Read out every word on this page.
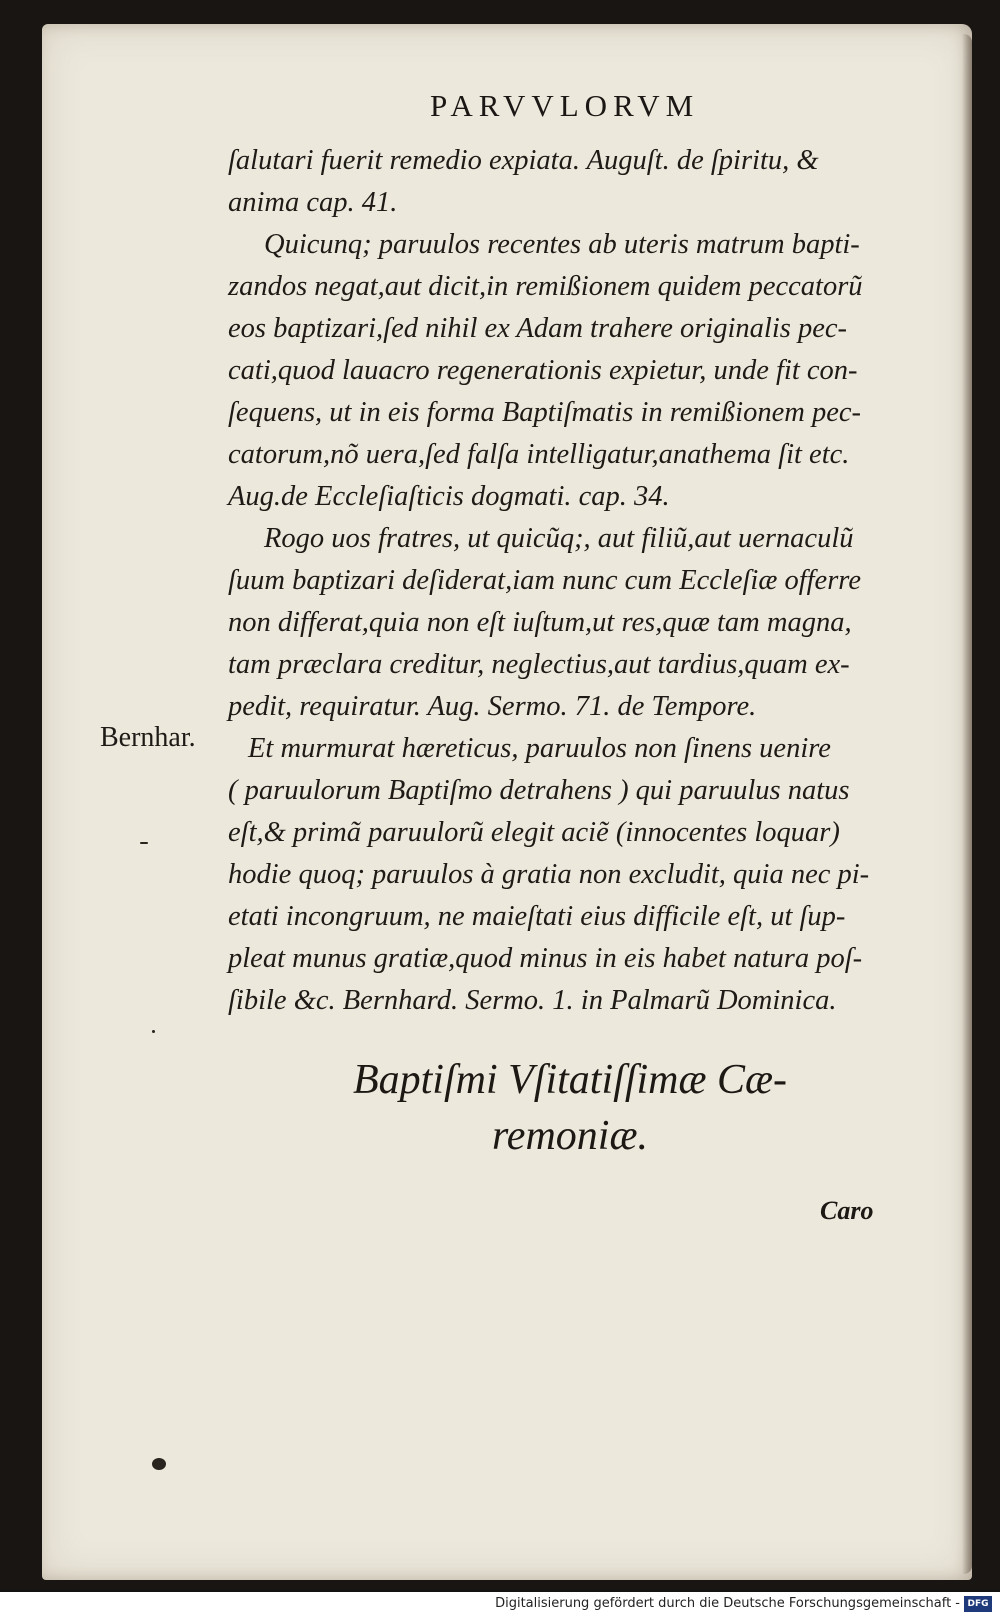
PARVVLORVM

ſalutari fuerit remedio expiata. Auguſt. de ſpiritu, &
anima cap. 41.

Quicunq; paruulos recentes ab uteris matrum bapti-
zandos negat,aut dicit,in remißionem quidem peccatorũ
eos baptizari,ſed nihil ex Adam trahere originalis pec-
cati,quod lauacro regenerationis expietur, unde fit con-
ſequens, ut in eis forma Baptiſmatis in remißionem pec-
catorum,nõ uera,ſed falſa intelligatur,anathema ſit etc.
Aug.de Eccleſiaſticis dogmati. cap. 34.

Rogo uos fratres, ut quicũq;, aut filiũ,aut uernaculũ
ſuum baptizari deſiderat,iam nunc cum Eccleſiæ offerre
non differat,quia non eſt iuſtum,ut res,quæ tam magna,
tam præclara creditur, neglectius,aut tardius,quam ex-
pedit, requiratur. Aug. Sermo. 71. de Tempore.

Et murmurat hæreticus, paruulos non ſinens uenire
( paruulorum Baptiſmo detrahens ) qui paruulus natus
eſt,& primã paruulorũ elegit aciẽ (innocentes loquar)
hodie quoq; paruulos à gratia non excludit, quia nec pi-
etati incongruum, ne maieſtati eius difficile eſt, ut ſup-
pleat munus gratiæ,quod minus in eis habet natura poſ-
ſibile &c. Bernhard. Sermo. 1. in Palmarũ Dominica.

Bernhar.
Baptiſmi Vſitatiſſimæ Cæ-
remoniæ.
Caro
Digitalisierung gefördert durch die Deutsche Forschungsgemeinschaft - DFG
